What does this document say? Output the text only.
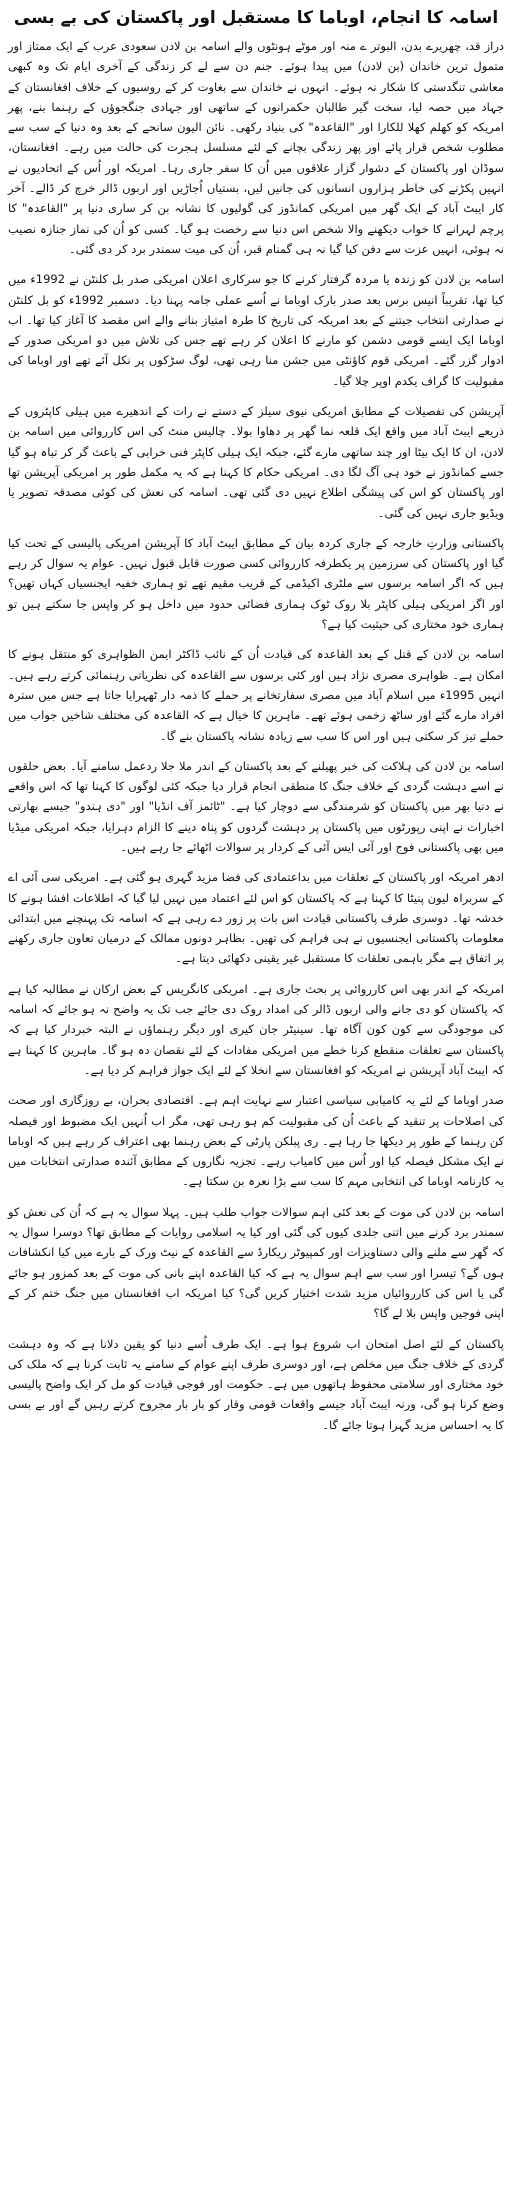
اسامہ کا انجام، اوباما کا مستقبل اور پاکستان کی بے بسی

دراز قد، چھریرے بدن، البوتر ے منہ اور موٹے ہونٹوں والے اسامہ بن لادن سعودی عرب کے ایک ممتاز اور متمول ترین خاندان (بن لادن) میں پیدا ہوئے۔ جنم دن سے لے کر زندگی کے آخری ایام تک وہ کبھی معاشی تنگدستی کا شکار نہ ہوئے۔ انہوں نے خاندان سے بغاوت کر کے روسیوں کے خلاف افغانستان کے جہاد میں حصہ لیا، سخت گیر طالبان حکمرانوں کے ساتھی اور جہادی جنگجوؤں کے رہنما بنے، پھر امریکہ کو کھلم کھلا للکارا اور "القاعدہ" کی بنیاد رکھی۔ نائن الیون سانحے کے بعد وہ دنیا کے سب سے مطلوب شخص قرار پائے اور پھر زندگی بچانے کے لئے مسلسل ہجرت کی حالت میں رہے۔ افغانستان، سوڈان اور پاکستان کے دشوار گزار علاقوں میں اُن کا سفر جاری رہا۔ امریکہ اور اُس کے اتحادیوں نے انہیں پکڑنے کی خاطر ہزاروں انسانوں کی جانیں لیں، بستیاں اُجاڑیں اور اربوں ڈالر خرچ کر ڈالے۔ آخر کار ایبٹ آباد کے ایک گھر میں امریکی کمانڈوز کی گولیوں کا نشانہ بن کر ساری دنیا پر "القاعدہ" کا پرچم لہرانے کا خواب دیکھنے والا شخص اس دنیا سے رخصت ہو گیا۔ کسی کو اُن کی نماز جنازہ نصیب نہ ہوئی، انہیں عزت سے دفن کیا گیا نہ ہی گمنام قبر، اُن کی میت سمندر برد کر دی گئی۔

اسامہ بن لادن کو زندہ یا مردہ گرفتار کرنے کا جو سرکاری اعلان امریکی صدر بل کلنٹن نے 1992ء میں کیا تھا، تقریباً انیس برس بعد صدر بارک اوباما نے اُسے عملی جامہ پہنا دیا۔ دسمبر 1992ء کو بل کلنٹن نے صدارتی انتخاب جیتنے کے بعد امریکہ کی تاریخ کا طرہ امتیاز بنانے والے اس مقصد کا آغاز کیا تھا۔ اب اوباما ایک ایسے قومی دشمن کو مارنے کا اعلان کر رہے تھے جس کی تلاش میں دو امریکی صدور کے ادوار گزر گئے۔ امریکی قوم کاؤنٹی میں جشن منا رہی تھی، لوگ سڑکوں پر نکل آئے تھے اور اوباما کی مقبولیت کا گراف یکدم اوپر چلا گیا۔

آپریشن کی تفصیلات کے مطابق امریکی نیوی سیلز کے دستے نے رات کے اندھیرے میں ہیلی کاپٹروں کے ذریعے ایبٹ آباد میں واقع ایک قلعہ نما گھر پر دھاوا بولا۔ چالیس منٹ کی اس کارروائی میں اسامہ بن لادن، ان کا ایک بیٹا اور چند ساتھی مارے گئے، جبکہ ایک ہیلی کاپٹر فنی خرابی کے باعث گر کر تباہ ہو گیا جسے کمانڈوز نے خود ہی آگ لگا دی۔ امریکی حکام کا کہنا ہے کہ یہ مکمل طور پر امریکی آپریشن تھا اور پاکستان کو اس کی پیشگی اطلاع نہیں دی گئی تھی۔ اسامہ کی نعش کی کوئی مصدقہ تصویر یا ویڈیو جاری نہیں کی گئی۔

پاکستانی وزارتِ خارجہ کے جاری کردہ بیان کے مطابق ایبٹ آباد کا آپریشن امریکی پالیسی کے تحت کیا گیا اور پاکستان کی سرزمین پر یکطرفہ کارروائی کسی صورت قابل قبول نہیں۔ عوام یہ سوال کر رہے ہیں کہ اگر اسامہ برسوں سے ملٹری اکیڈمی کے قریب مقیم تھے تو ہماری خفیہ ایجنسیاں کہاں تھیں؟ اور اگر امریکی ہیلی کاپٹر بلا روک ٹوک ہماری فضائی حدود میں داخل ہو کر واپس جا سکتے ہیں تو ہماری خود مختاری کی حیثیت کیا ہے؟

اسامہ بن لادن کے قتل کے بعد القاعدہ کی قیادت اُن کے نائب ڈاکٹر ایمن الظواہری کو منتقل ہونے کا امکان ہے۔ ظواہری مصری نژاد ہیں اور کئی برسوں سے القاعدہ کی نظریاتی رہنمائی کرتے رہے ہیں۔ انہیں 1995ء میں اسلام آباد میں مصری سفارتخانے پر حملے کا ذمہ دار ٹھہرایا جاتا ہے جس میں سترہ افراد مارے گئے اور ساٹھ زخمی ہوئے تھے۔ ماہرین کا خیال ہے کہ القاعدہ کی مختلف شاخیں جواب میں حملے تیز کر سکتی ہیں اور اس کا سب سے زیادہ نشانہ پاکستان بنے گا۔

اسامہ بن لادن کی ہلاکت کی خبر پھیلنے کے بعد پاکستان کے اندر ملا جلا ردعمل سامنے آیا۔ بعض حلقوں نے اسے دہشت گردی کے خلاف جنگ کا منطقی انجام قرار دیا جبکہ کئی لوگوں کا کہنا تھا کہ اس واقعے نے دنیا بھر میں پاکستان کو شرمندگی سے دوچار کیا ہے۔ "ٹائمز آف انڈیا" اور "دی ہندو" جیسے بھارتی اخبارات نے اپنی رپورٹوں میں پاکستان پر دہشت گردوں کو پناہ دینے کا الزام دہرایا، جبکہ امریکی میڈیا میں بھی پاکستانی فوج اور آئی ایس آئی کے کردار پر سوالات اٹھائے جا رہے ہیں۔

ادھر امریکہ اور پاکستان کے تعلقات میں بداعتمادی کی فضا مزید گہری ہو گئی ہے۔ امریکی سی آئی اے کے سربراہ لیون پنیٹا کا کہنا ہے کہ پاکستان کو اس لئے اعتماد میں نہیں لیا گیا کہ اطلاعات افشا ہونے کا خدشہ تھا۔ دوسری طرف پاکستانی قیادت اس بات پر زور دے رہی ہے کہ اسامہ تک پہنچنے میں ابتدائی معلومات پاکستانی ایجنسیوں نے ہی فراہم کی تھیں۔ بظاہر دونوں ممالک کے درمیان تعاون جاری رکھنے پر اتفاق ہے مگر باہمی تعلقات کا مستقبل غیر یقینی دکھائی دیتا ہے۔

امریکہ کے اندر بھی اس کارروائی پر بحث جاری ہے۔ امریکی کانگریس کے بعض ارکان نے مطالبہ کیا ہے کہ پاکستان کو دی جانے والی اربوں ڈالر کی امداد روک دی جائے جب تک یہ واضح نہ ہو جائے کہ اسامہ کی موجودگی سے کون کون آگاہ تھا۔ سینیٹر جان کیری اور دیگر رہنماؤں نے البتہ خبردار کیا ہے کہ پاکستان سے تعلقات منقطع کرنا خطے میں امریکی مفادات کے لئے نقصان دہ ہو گا۔ ماہرین کا کہنا ہے کہ ایبٹ آباد آپریشن نے امریکہ کو افغانستان سے انخلا کے لئے ایک جواز فراہم کر دیا ہے۔

صدر اوباما کے لئے یہ کامیابی سیاسی اعتبار سے نہایت اہم ہے۔ اقتصادی بحران، بے روزگاری اور صحت کی اصلاحات پر تنقید کے باعث اُن کی مقبولیت کم ہو رہی تھی، مگر اب اُنہیں ایک مضبوط اور فیصلہ کن رہنما کے طور پر دیکھا جا رہا ہے۔ ری پبلکن پارٹی کے بعض رہنما بھی اعتراف کر رہے ہیں کہ اوباما نے ایک مشکل فیصلہ کیا اور اُس میں کامیاب رہے۔ تجزیہ نگاروں کے مطابق آئندہ صدارتی انتخابات میں یہ کارنامہ اوباما کی انتخابی مہم کا سب سے بڑا نعرہ بن سکتا ہے۔

اسامہ بن لادن کی موت کے بعد کئی اہم سوالات جواب طلب ہیں۔ پہلا سوال یہ ہے کہ اُن کی نعش کو سمندر برد کرنے میں اتنی جلدی کیوں کی گئی اور کیا یہ اسلامی روایات کے مطابق تھا؟ دوسرا سوال یہ کہ گھر سے ملنے والی دستاویزات اور کمپیوٹر ریکارڈ سے القاعدہ کے نیٹ ورک کے بارے میں کیا انکشافات ہوں گے؟ تیسرا اور سب سے اہم سوال یہ ہے کہ کیا القاعدہ اپنے بانی کی موت کے بعد کمزور ہو جائے گی یا اس کی کارروائیاں مزید شدت اختیار کریں گی؟ کیا امریکہ اب افغانستان میں جنگ ختم کر کے اپنی فوجیں واپس بلا لے گا؟

پاکستان کے لئے اصل امتحان اب شروع ہوا ہے۔ ایک طرف اُسے دنیا کو یقین دلانا ہے کہ وہ دہشت گردی کے خلاف جنگ میں مخلص ہے، اور دوسری طرف اپنے عوام کے سامنے یہ ثابت کرنا ہے کہ ملک کی خود مختاری اور سلامتی محفوظ ہاتھوں میں ہے۔ حکومت اور فوجی قیادت کو مل کر ایک واضح پالیسی وضع کرنا ہو گی، ورنہ ایبٹ آباد جیسے واقعات قومی وقار کو بار بار مجروح کرتے رہیں گے اور بے بسی کا یہ احساس مزید گہرا ہوتا جائے گا۔
